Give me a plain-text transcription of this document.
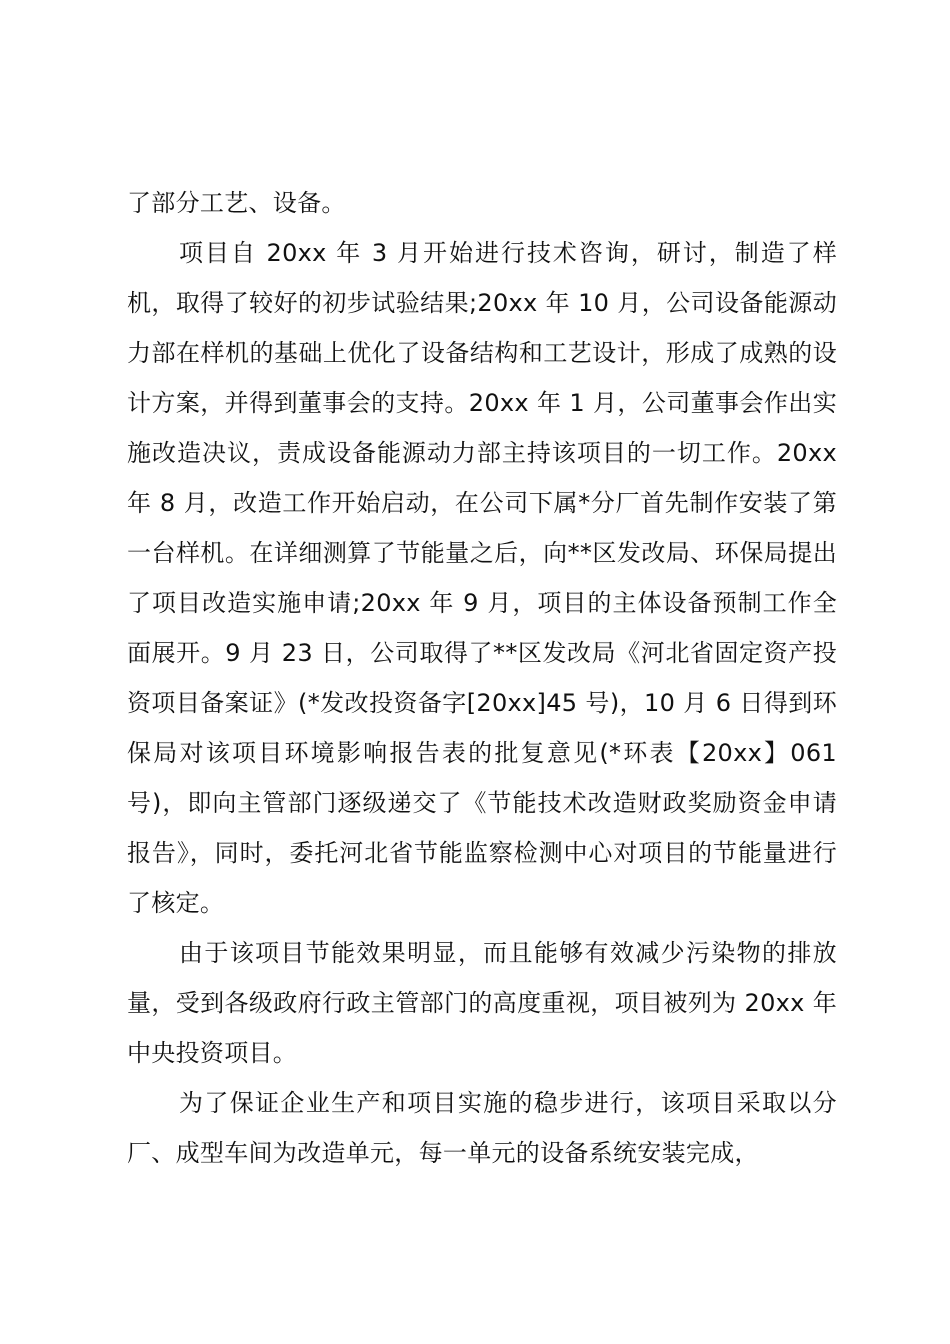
了部分工艺、设备。

项目自 20xx 年 3 月开始进行技术咨询，研讨，制造了样机，取得了较好的初步试验结果;20xx 年 10 月，公司设备能源动力部在样机的基础上优化了设备结构和工艺设计，形成了成熟的设计方案，并得到董事会的支持。20xx 年 1 月，公司董事会作出实施改造决议，责成设备能源动力部主持该项目的一切工作。20xx 年 8 月，改造工作开始启动，在公司下属*分厂首先制作安装了第一台样机。在详细测算了节能量之后，向**区发改局、环保局提出了项目改造实施申请;20xx 年 9 月，项目的主体设备预制工作全面展开。9 月 23 日，公司取得了**区发改局《河北省固定资产投资项目备案证》(*发改投资备字[20xx]45 号)，10 月 6 日得到环保局对该项目环境影响报告表的批复意见(*环表【20xx】061 号)，即向主管部门逐级递交了《节能技术改造财政奖励资金申请报告》，同时，委托河北省节能监察检测中心对项目的节能量进行了核定。

由于该项目节能效果明显，而且能够有效减少污染物的排放量，受到各级政府行政主管部门的高度重视，项目被列为 20xx 年中央投资项目。

为了保证企业生产和项目实施的稳步进行，该项目采取以分厂、成型车间为改造单元，每一单元的设备系统安装完成，
